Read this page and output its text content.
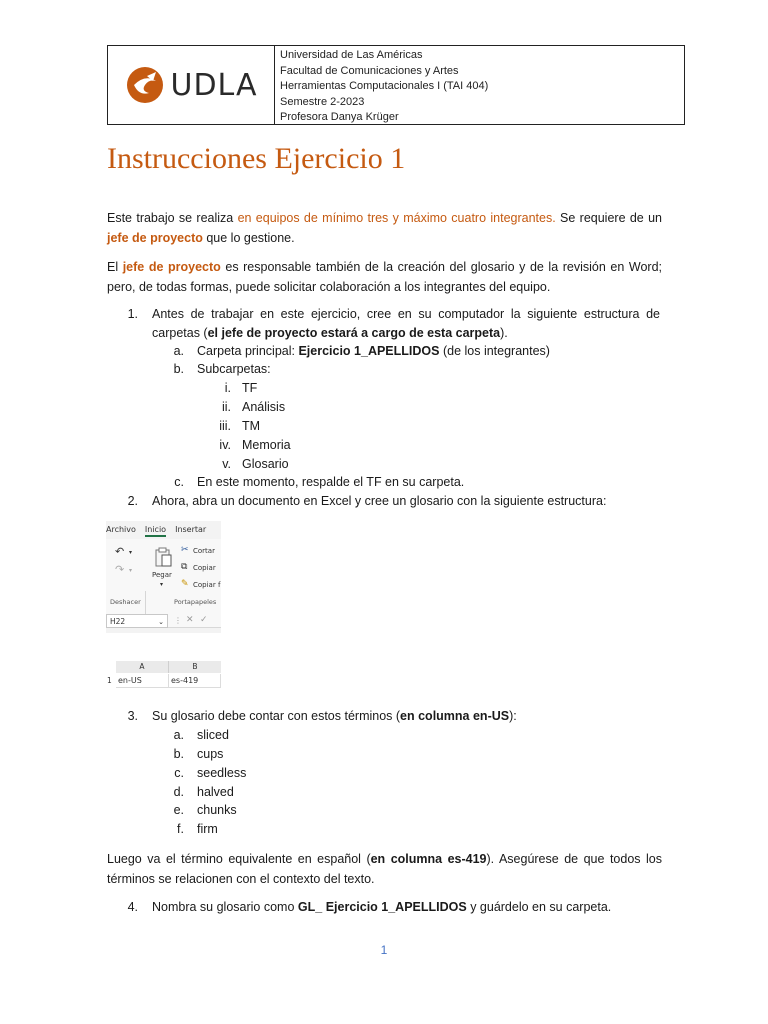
UDLA
Universidad de Las Américas
Facultad de Comunicaciones y Artes
Herramientas Computacionales I (TAI 404)
Semestre 2-2023
Profesora Danya Krüger
Instrucciones Ejercicio 1

Este trabajo se realiza en equipos de mínimo tres y máximo cuatro integrantes. Se requiere de un jefe de proyecto que lo gestione.

El jefe de proyecto es responsable también de la creación del glosario y de la revisión en Word; pero, de todas formas, puede solicitar colaboración a los integrantes del equipo.

1. Antes de trabajar en este ejercicio, cree en su computador la siguiente estructura de
carpetas (el jefe de proyecto estará a cargo de esta carpeta).
a. Carpeta principal: Ejercicio 1_APELLIDOS (de los integrantes)
b. Subcarpetas:
i. TF
ii. Análisis
iii. TM
iv. Memoria
v. Glosario
c. En este momento, respalde el TF en su carpeta.
2. Ahora, abra un documento en Excel y cree un glosario con la siguiente estructura:
Archivo Inicio Insertar
↶ ▾
↷ ▾
Pegar
▾
✂ Cortar
⧉ Copiar
✎ Copiar f
Deshacer	Portapapeles
H22	⌄ ⋮ ✕ ✓
A	B
1 en-US	es-419
3. Su glosario debe contar con estos términos (en columna en-US):
a. sliced
b. cups
c. seedless
d. halved
e. chunks
f. firm

Luego va el término equivalente en español (en columna es-419). Asegúrese de que todos los términos se relacionen con el contexto del texto.

4. Nombra su glosario como GL_ Ejercicio 1_APELLIDOS y guárdelo en su carpeta.
1
